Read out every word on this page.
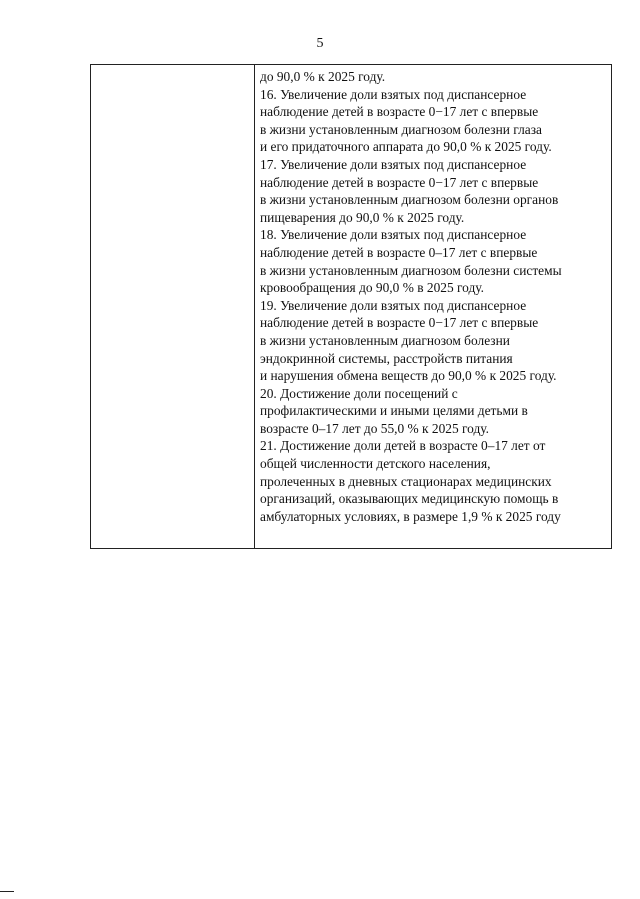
5
до 90,0 % к 2025 году.
16. Увеличение доли взятых под диспансерное
наблюдение детей в возрасте 0−17 лет с впервые
в жизни установленным диагнозом болезни глаза
и его придаточного аппарата до 90,0 % к 2025 году.
17. Увеличение доли взятых под диспансерное
наблюдение детей в возрасте 0−17 лет с впервые
в жизни установленным диагнозом болезни органов
пищеварения до 90,0 % к 2025 году.
18. Увеличение доли взятых под диспансерное
наблюдение детей в возрасте 0–17 лет с впервые
в жизни установленным диагнозом болезни системы
кровообращения до 90,0 % в 2025 году.
19. Увеличение доли взятых под диспансерное
наблюдение детей в возрасте 0−17 лет с впервые
в жизни установленным диагнозом болезни
эндокринной системы, расстройств питания
и нарушения обмена веществ до 90,0 % к 2025 году.
20. Достижение доли посещений с
профилактическими и иными целями детьми в
возрасте 0–17 лет до 55,0 % к 2025 году.
21. Достижение доли детей в возрасте 0–17 лет от
общей численности детского населения,
пролеченных в дневных стационарах медицинских
организаций, оказывающих медицинскую помощь в
амбулаторных условиях, в размере 1,9 % к 2025 году
